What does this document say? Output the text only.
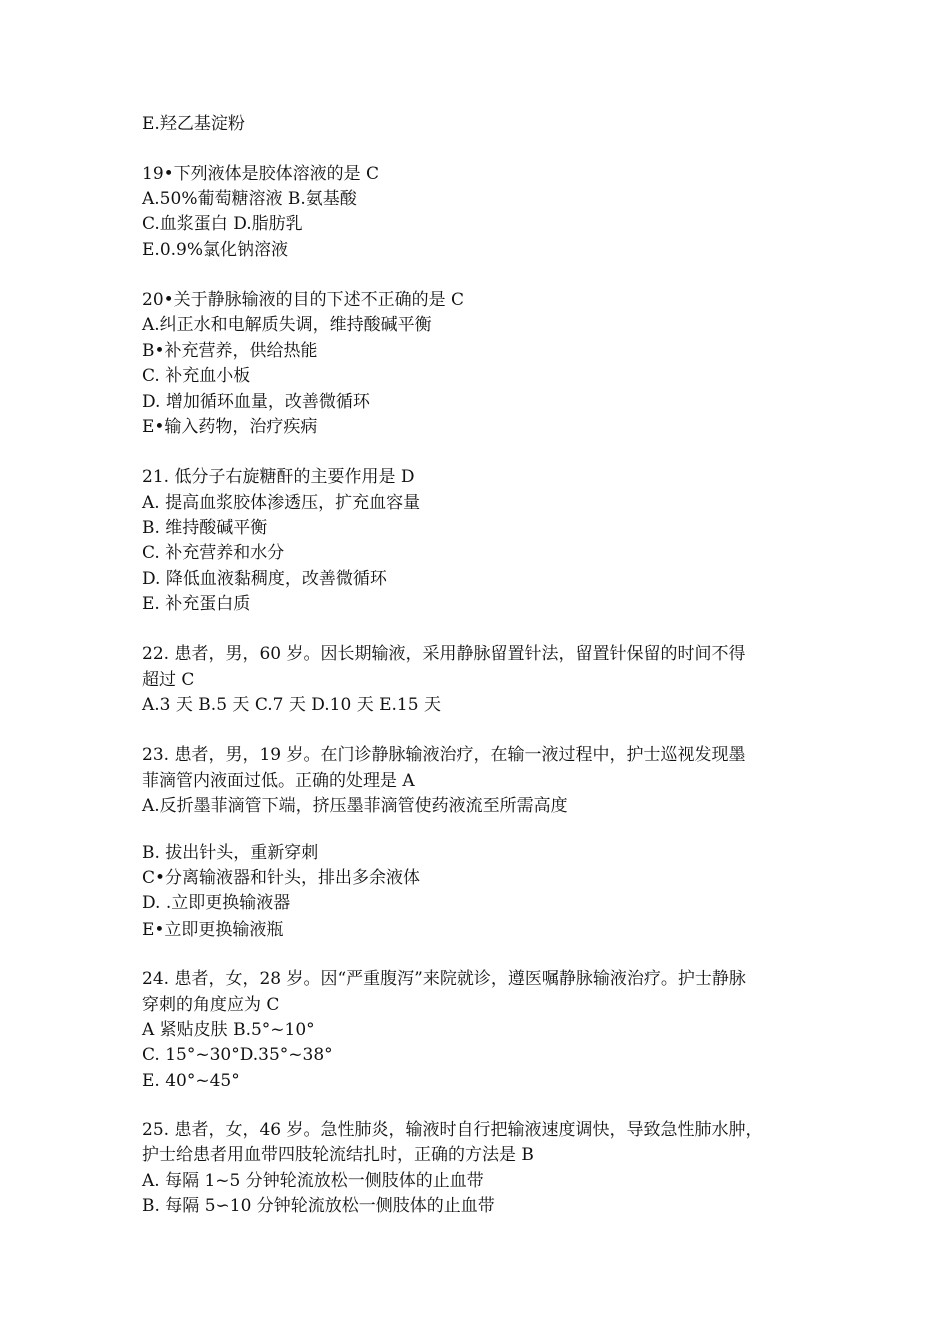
E.羟乙基淀粉
19•下列液体是胶体溶液的是 C
A.50%葡萄糖溶液 B.氨基酸
C.血浆蛋白 D.脂肪乳
E.0.9%氯化钠溶液
20•关于静脉输液的目的下述不正确的是 C
A.纠正水和电解质失调，维持酸碱平衡
B•补充营养，供给热能
C. 补充血小板
D. 增加循环血量，改善微循环
E•输入药物，治疗疾病
21. 低分子右旋糖酐的主要作用是 D
A. 提高血浆胶体渗透压，扩充血容量
B. 维持酸碱平衡
C. 补充营养和水分
D. 降低血液黏稠度，改善微循环
E. 补充蛋白质
22. 患者，男，60 岁。因长期输液，采用静脉留置针法，留置针保留的时间不得
超过 C
A.3 天 B.5 天 C.7 天 D.10 天 E.15 天
23. 患者，男，19 岁。在门诊静脉输液治疗，在输一液过程中，护士巡视发现墨
菲滴管内液面过低。正确的处理是 A
A.反折墨菲滴管下端，挤压墨菲滴管使药液流至所需高度
B. 拔出针头，重新穿刺
C•分离输液器和针头，排出多余液体
D. .立即更换输液器
E•立即更换输液瓶
24. 患者，女，28 岁。因“严重腹泻”来院就诊，遵医嘱静脉输液治疗。护士静脉
穿刺的角度应为 C
A 紧贴皮肤 B.5°~10°
C. 15°~30°D.35°~38°
E. 40°~45°
25. 患者，女，46 岁。急性肺炎，输液时自行把输液速度调快，导致急性肺水肿，
护士给患者用血带四肢轮流结扎时，正确的方法是 B
A. 每隔 1~5 分钟轮流放松一侧肢体的止血带
B. 每隔 5∽10 分钟轮流放松一侧肢体的止血带
